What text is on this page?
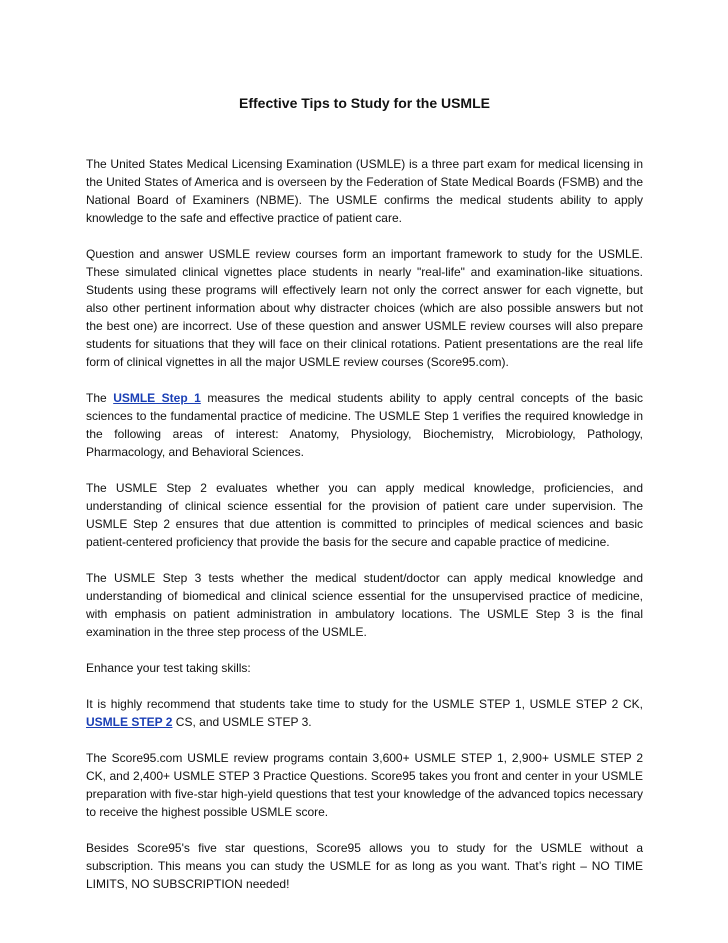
Effective Tips to Study for the USMLE

The United States Medical Licensing Examination (USMLE) is a three part exam for medical licensing in the United States of America and is overseen by the Federation of State Medical Boards (FSMB) and the National Board of Examiners (NBME). The USMLE confirms the medical students ability to apply knowledge to the safe and effective practice of patient care.

Question and answer USMLE review courses form an important framework to study for the USMLE. These simulated clinical vignettes place students in nearly "real-life" and examination-like situations. Students using these programs will effectively learn not only the correct answer for each vignette, but also other pertinent information about why distracter choices (which are also possible answers but not the best one) are incorrect. Use of these question and answer USMLE review courses will also prepare students for situations that they will face on their clinical rotations. Patient presentations are the real life form of clinical vignettes in all the major USMLE review courses (Score95.com).

The USMLE Step 1 measures the medical students ability to apply central concepts of the basic sciences to the fundamental practice of medicine. The USMLE Step 1 verifies the required knowledge in the following areas of interest: Anatomy, Physiology, Biochemistry, Microbiology, Pathology, Pharmacology, and Behavioral Sciences.

The USMLE Step 2 evaluates whether you can apply medical knowledge, proficiencies, and understanding of clinical science essential for the provision of patient care under supervision. The USMLE Step 2 ensures that due attention is committed to principles of medical sciences and basic patient-centered proficiency that provide the basis for the secure and capable practice of medicine.

The USMLE Step 3 tests whether the medical student/doctor can apply medical knowledge and understanding of biomedical and clinical science essential for the unsupervised practice of medicine, with emphasis on patient administration in ambulatory locations. The USMLE Step 3 is the final examination in the three step process of the USMLE.

Enhance your test taking skills:

It is highly recommend that students take time to study for the USMLE STEP 1, USMLE STEP 2 CK, USMLE STEP 2 CS, and USMLE STEP 3.

The Score95.com USMLE review programs contain 3,600+ USMLE STEP 1, 2,900+ USMLE STEP 2 CK, and 2,400+ USMLE STEP 3 Practice Questions. Score95 takes you front and center in your USMLE preparation with five-star high-yield questions that test your knowledge of the advanced topics necessary to receive the highest possible USMLE score.

Besides Score95's five star questions, Score95 allows you to study for the USMLE without a subscription. This means you can study the USMLE for as long as you want. That’s right – NO TIME LIMITS, NO SUBSCRIPTION needed!
